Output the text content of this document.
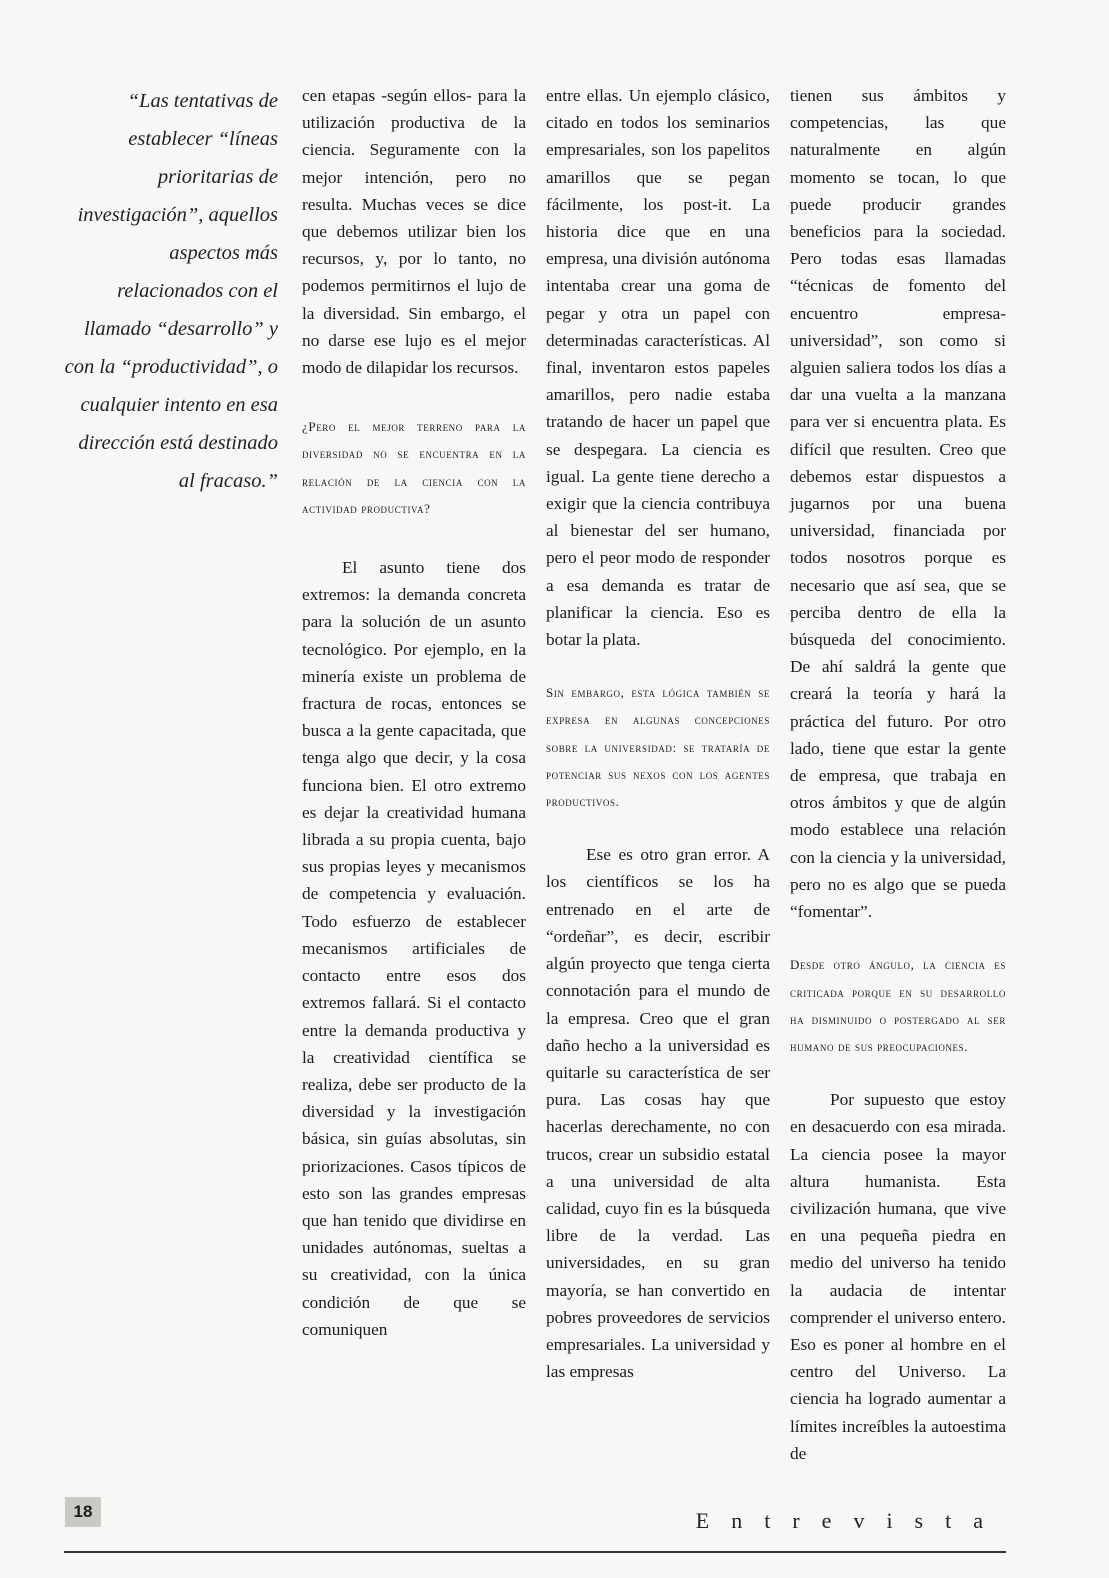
“Las tentativas de establecer “líneas prioritarias de investigación”, aquellos aspectos más relacionados con el llamado “desarrollo” y con la “productividad”, o cualquier intento en esa dirección está destinado al fracaso.”

cen etapas -según ellos- para la utilización productiva de la ciencia. Seguramente con la mejor intención, pero no resulta. Muchas veces se dice que debemos utilizar bien los recursos, y, por lo tanto, no podemos permitirnos el lujo de la diversidad. Sin embargo, el no darse ese lujo es el mejor modo de dilapidar los recursos.

¿Pero el mejor terreno para la diversidad no se encuentra en la relación de la ciencia con la actividad productiva?

El asunto tiene dos extremos: la demanda concreta para la solución de un asunto tecnológico. Por ejemplo, en la minería existe un problema de fractura de rocas, entonces se busca a la gente capacitada, que tenga algo que decir, y la cosa funciona bien. El otro extremo es dejar la creatividad humana librada a su propia cuenta, bajo sus propias leyes y mecanismos de competencia y evaluación. Todo esfuerzo de establecer mecanismos artificiales de contacto entre esos dos extremos fallará. Si el contacto entre la demanda productiva y la creatividad científica se realiza, debe ser producto de la diversidad y la investigación básica, sin guías absolutas, sin priorizaciones. Casos típicos de esto son las grandes empresas que han tenido que dividirse en unidades autónomas, sueltas a su creatividad, con la única condición de que se comuniquen

entre ellas. Un ejemplo clásico, citado en todos los seminarios empresariales, son los papelitos amarillos que se pegan fácilmente, los post-it. La historia dice que en una empresa, una división autónoma intentaba crear una goma de pegar y otra un papel con determinadas características. Al final, inventaron estos papeles amarillos, pero nadie estaba tratando de hacer un papel que se despegara. La ciencia es igual. La gente tiene derecho a exigir que la ciencia contribuya al bienestar del ser humano, pero el peor modo de responder a esa demanda es tratar de planificar la ciencia. Eso es botar la plata.

Sin embargo, esta lógica también se expresa en algunas concepciones sobre la universidad: se trataría de potenciar sus nexos con los agentes productivos.

Ese es otro gran error. A los científicos se los ha entrenado en el arte de “ordeñar”, es decir, escribir algún proyecto que tenga cierta connotación para el mundo de la empresa. Creo que el gran daño hecho a la universidad es quitarle su característica de ser pura. Las cosas hay que hacerlas derechamente, no con trucos, crear un subsidio estatal a una universidad de alta calidad, cuyo fin es la búsqueda libre de la verdad. Las universidades, en su gran mayoría, se han convertido en pobres proveedores de servicios empresariales. La universidad y las empresas

tienen sus ámbitos y competencias, las que naturalmente en algún momento se tocan, lo que puede producir grandes beneficios para la sociedad. Pero todas esas llamadas “técnicas de fomento del encuentro empresa-universidad”, son como si alguien saliera todos los días a dar una vuelta a la manzana para ver si encuentra plata. Es difícil que resulten. Creo que debemos estar dispuestos a jugarnos por una buena universidad, financiada por todos nosotros porque es necesario que así sea, que se perciba dentro de ella la búsqueda del conocimiento. De ahí saldrá la gente que creará la teoría y hará la práctica del futuro. Por otro lado, tiene que estar la gente de empresa, que trabaja en otros ámbitos y que de algún modo establece una relación con la ciencia y la universidad, pero no es algo que se pueda “fomentar”.

Desde otro ángulo, la ciencia es criticada porque en su desarrollo ha disminuido o postergado al ser humano de sus preocupaciones.

Por supuesto que estoy en desacuerdo con esa mirada. La ciencia posee la mayor altura humanista. Esta civilización humana, que vive en una pequeña piedra en medio del universo ha tenido la audacia de intentar comprender el universo entero. Eso es poner al hombre en el centro del Universo. La ciencia ha logrado aumentar a límites increíbles la autoestima de

18	Entrevista
